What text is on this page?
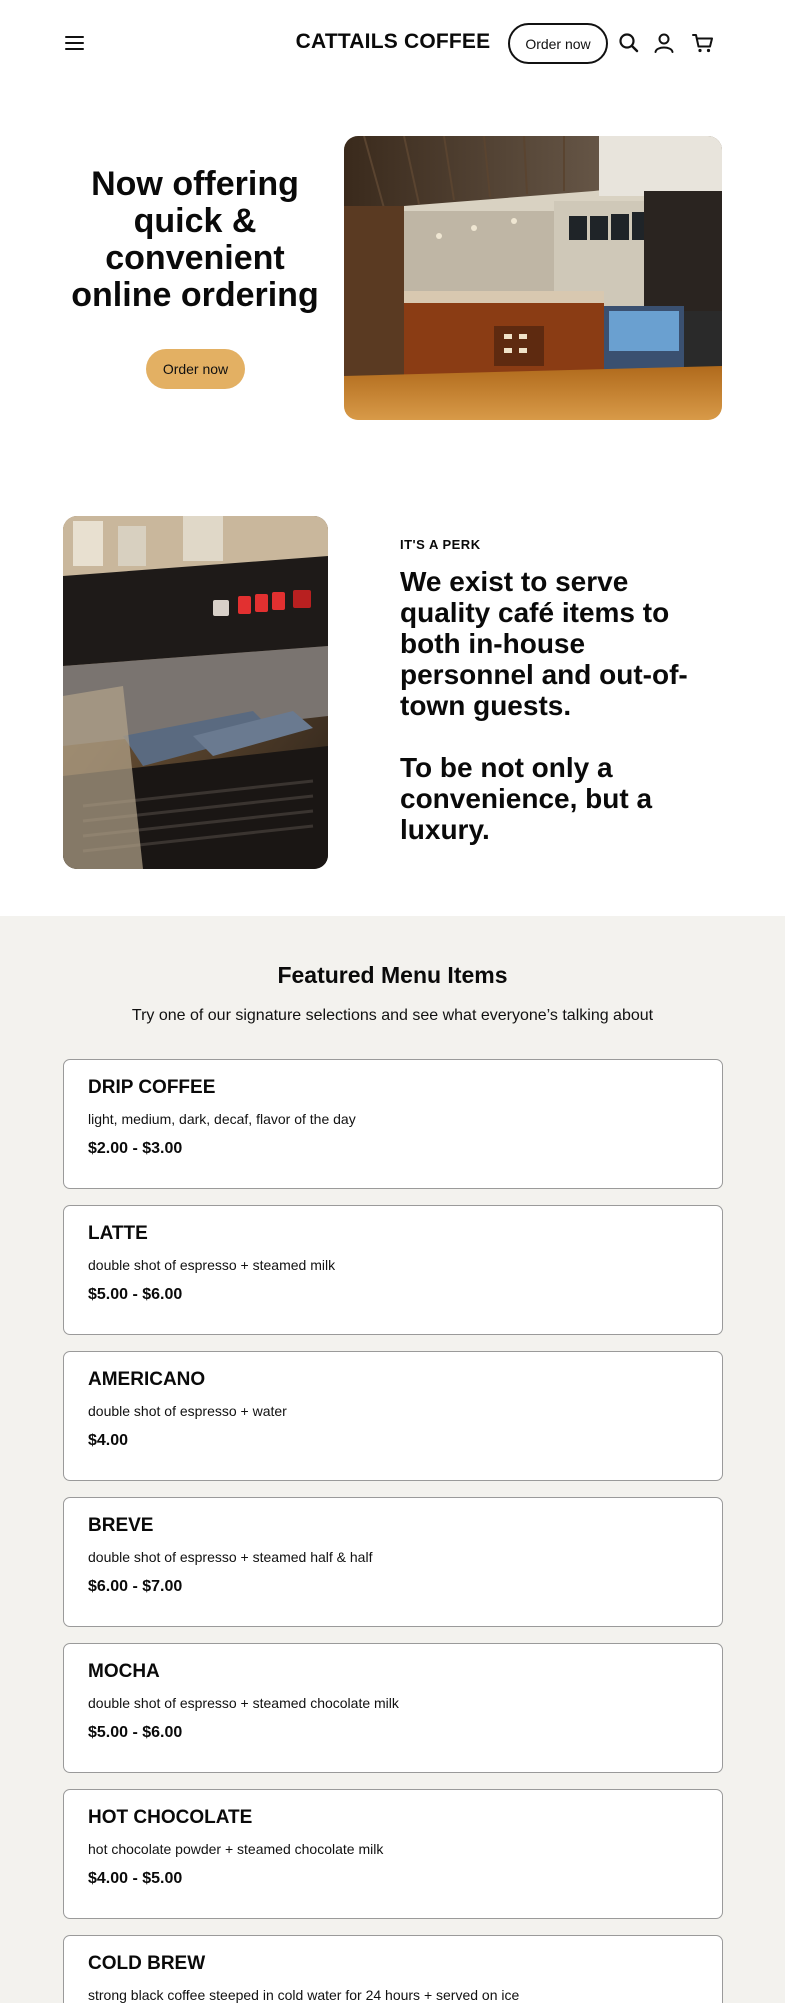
CATTAILS COFFEE	Order now
Now offering quick & convenient online ordering
Order now
IT'S A PERK
We exist to serve quality café items to both in-house personnel and out-of-town guests.
To be not only a convenience, but a luxury.
Featured Menu Items

Try one of our signature selections and see what everyone’s talking about

DRIP COFFEE
light, medium, dark, decaf, flavor of the day
$2.00 - $3.00
LATTE
double shot of espresso + steamed milk
$5.00 - $6.00
AMERICANO
double shot of espresso + water
$4.00
BREVE
double shot of espresso + steamed half & half
$6.00 - $7.00
MOCHA
double shot of espresso + steamed chocolate milk
$5.00 - $6.00
HOT CHOCOLATE
hot chocolate powder + steamed chocolate milk
$4.00 - $5.00
COLD BREW
strong black coffee steeped in cold water for 24 hours + served on ice
